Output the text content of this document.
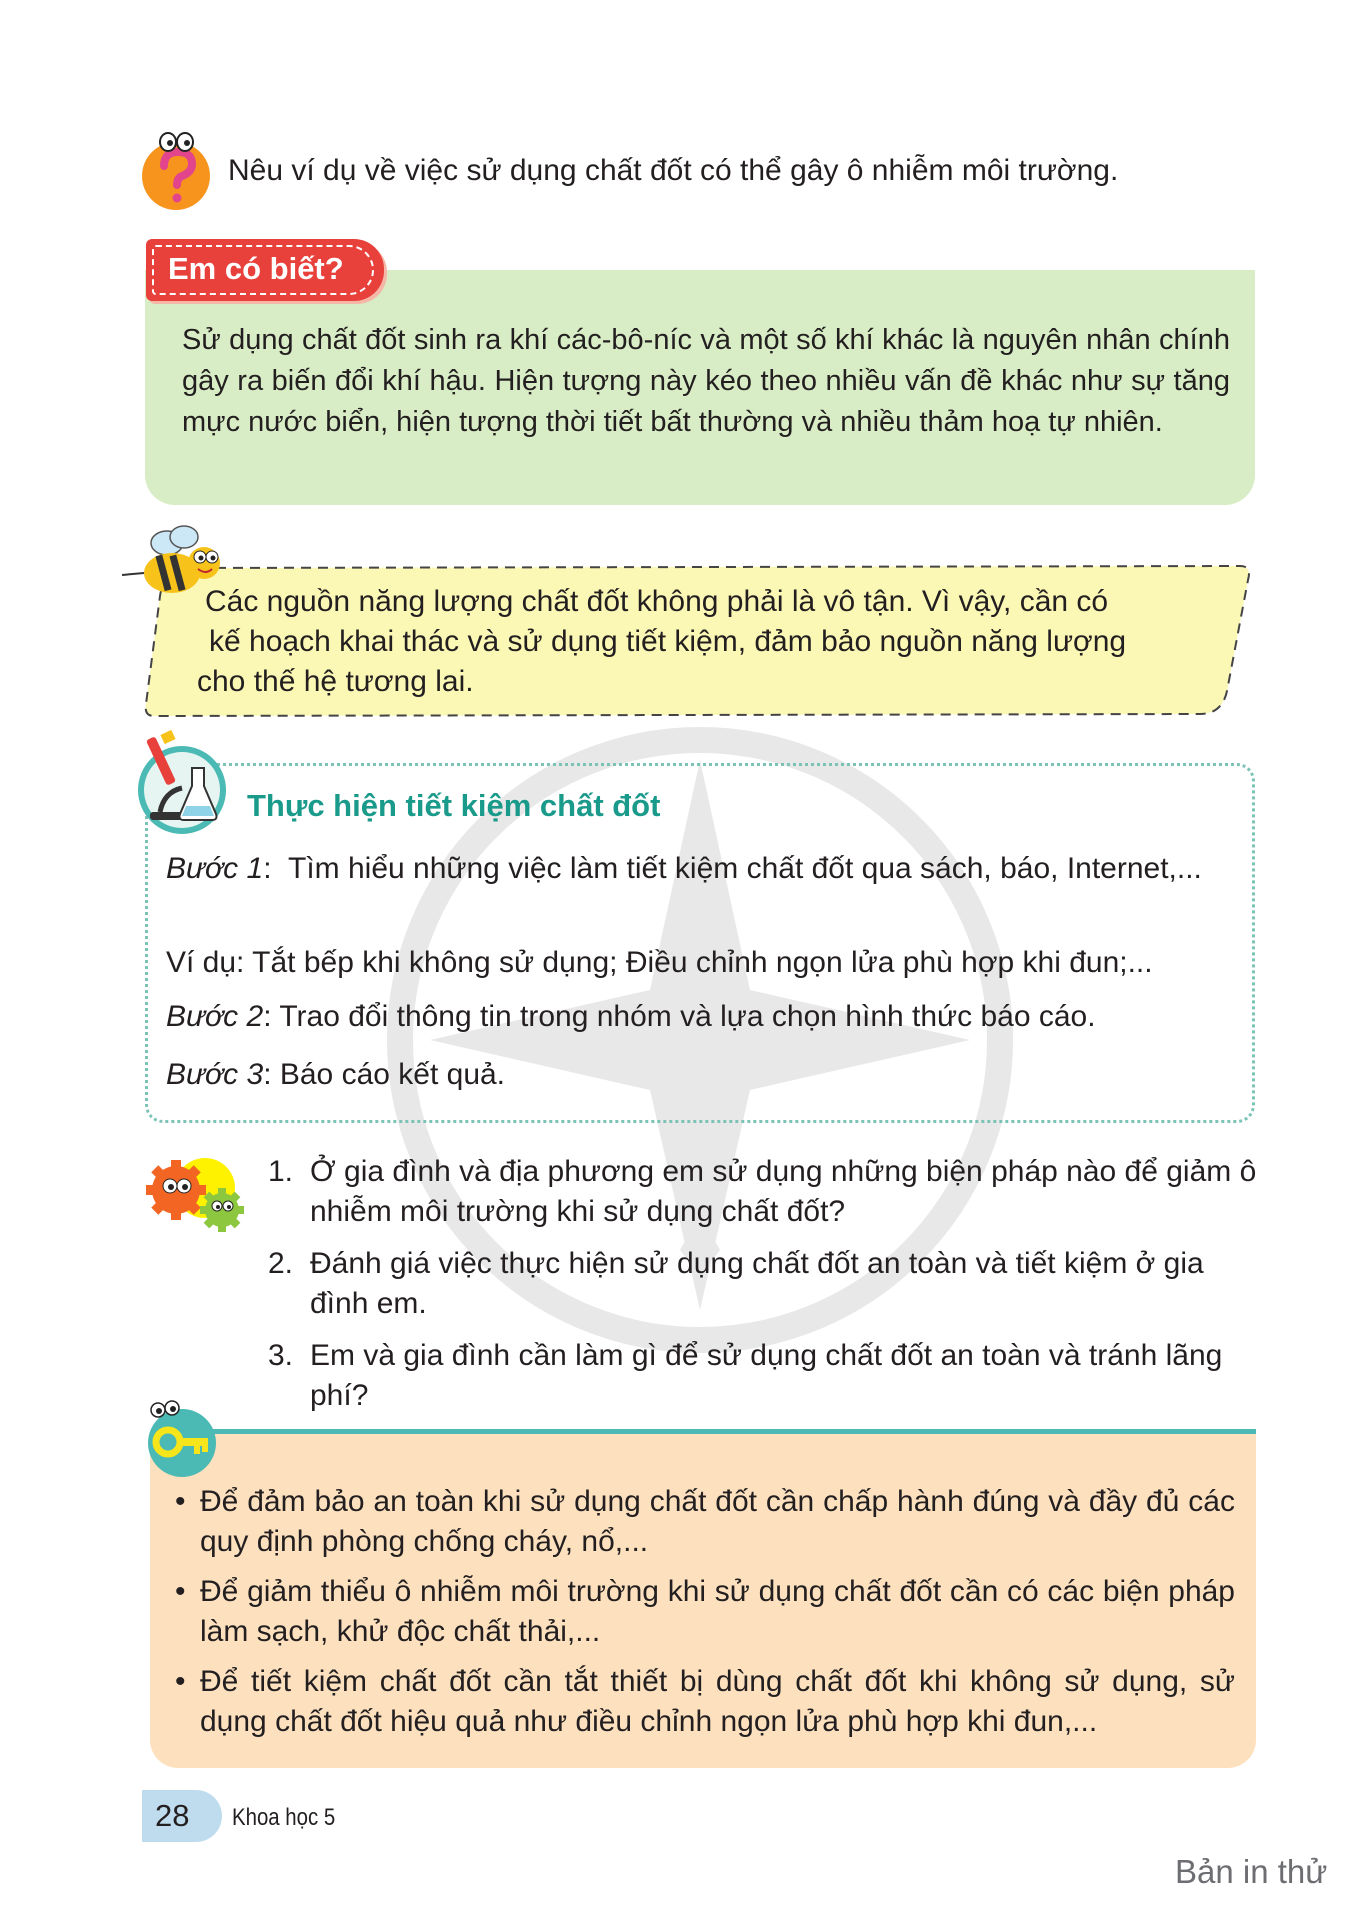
Nêu ví dụ về việc sử dụng chất đốt có thể gây ô nhiễm môi trường.
Em có biết?
Sử dụng chất đốt sinh ra khí các-bô-níc và một số khí khác là nguyên nhân chính gây ra biến đổi khí hậu. Hiện tượng này kéo theo nhiều vấn đề khác như sự tăng mực nước biển, hiện tượng thời tiết bất thường và nhiều thảm hoạ tự nhiên.
Các nguồn năng lượng chất đốt không phải là vô tận. Vì vậy, cần có
kế hoạch khai thác và sử dụng tiết kiệm, đảm bảo nguồn năng lượng
cho thế hệ tương lai.
Thực hiện tiết kiệm chất đốt
Bước 1: Tìm hiểu những việc làm tiết kiệm chất đốt qua sách, báo, Internet,...
Ví dụ: Tắt bếp khi không sử dụng; Điều chỉnh ngọn lửa phù hợp khi đun;...
Bước 2: Trao đổi thông tin trong nhóm và lựa chọn hình thức báo cáo.
Bước 3: Báo cáo kết quả.
1. Ở gia đình và địa phương em sử dụng những biện pháp nào để giảm ô nhiễm môi trường khi sử dụng chất đốt?
2. Đánh giá việc thực hiện sử dụng chất đốt an toàn và tiết kiệm ở gia đình em.
3. Em và gia đình cần làm gì để sử dụng chất đốt an toàn và tránh lãng phí?
• Để đảm bảo an toàn khi sử dụng chất đốt cần chấp hành đúng và đầy đủ các quy định phòng chống cháy, nổ,...
• Để giảm thiểu ô nhiễm môi trường khi sử dụng chất đốt cần có các biện pháp làm sạch, khử độc chất thải,...
• Để tiết kiệm chất đốt cần tắt thiết bị dùng chất đốt khi không sử dụng, sử dụng chất đốt hiệu quả như điều chỉnh ngọn lửa phù hợp khi đun,...
28 Khoa học 5
Bản in thử
